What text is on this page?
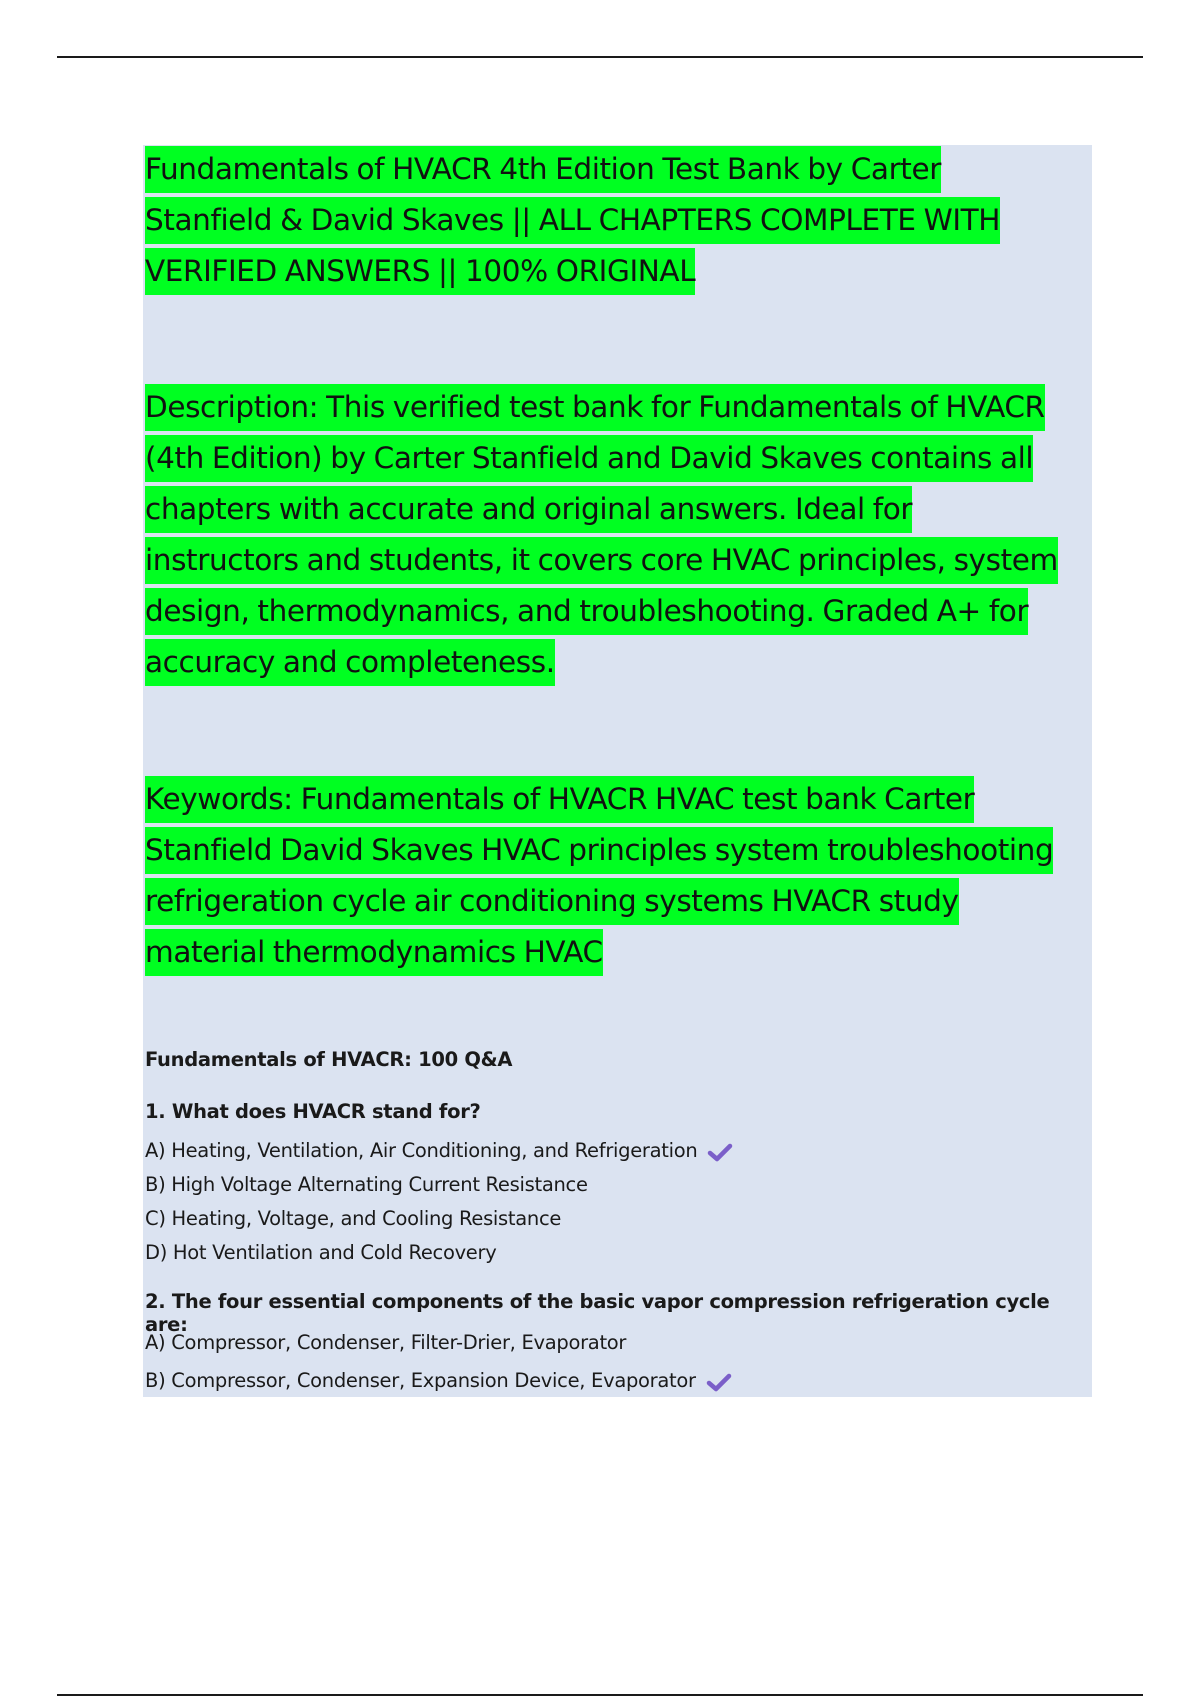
Fundamentals of HVACR 4th Edition Test Bank by Carter
Stanfield & David Skaves || ALL CHAPTERS COMPLETE WITH
VERIFIED ANSWERS || 100% ORIGINAL
Description: This verified test bank for Fundamentals of HVACR
(4th Edition) by Carter Stanfield and David Skaves contains all
chapters with accurate and original answers. Ideal for
instructors and students, it covers core HVAC principles, system
design, thermodynamics, and troubleshooting. Graded A+ for
accuracy and completeness.
Keywords: Fundamentals of HVACR HVAC test bank Carter
Stanfield David Skaves HVAC principles system troubleshooting
refrigeration cycle air conditioning systems HVACR study
material thermodynamics HVAC
Fundamentals of HVACR: 100 Q&A
1. What does HVACR stand for?
A) Heating, Ventilation, Air Conditioning, and Refrigeration
B) High Voltage Alternating Current Resistance
C) Heating, Voltage, and Cooling Resistance
D) Hot Ventilation and Cold Recovery
2. The four essential components of the basic vapor compression refrigeration cycle are:
A) Compressor, Condenser, Filter-Drier, Evaporator
B) Compressor, Condenser, Expansion Device, Evaporator
